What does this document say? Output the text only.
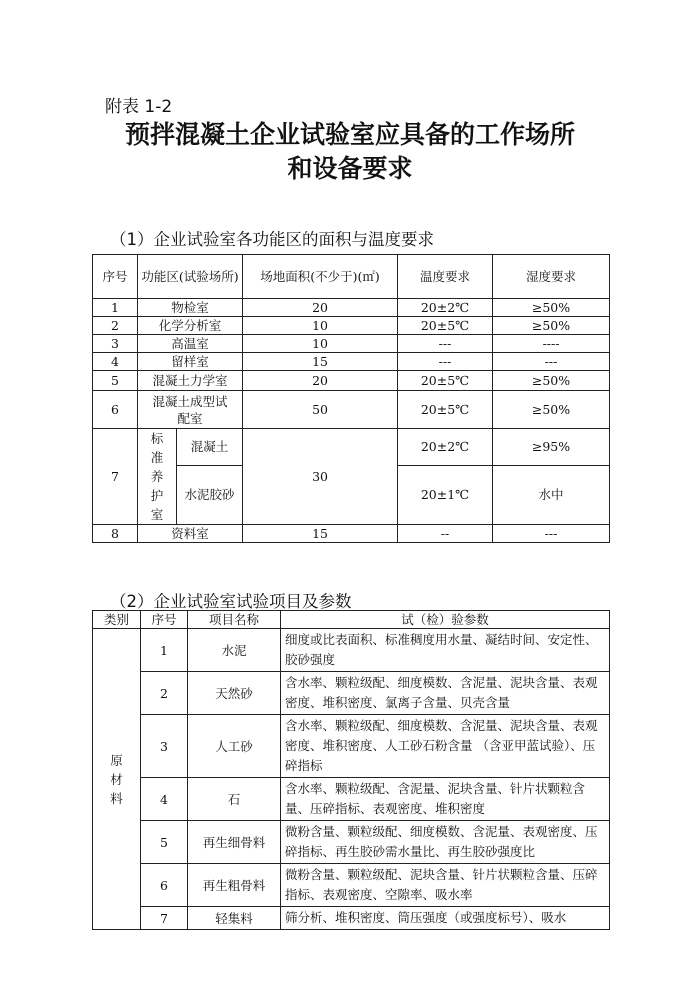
附表 1-2
预拌混凝土企业试验室应具备的工作场所
和设备要求
（1）企业试验室各功能区的面积与温度要求
序号	功能区(试验场所)		场地面积(不少于)(㎡)	温度要求	湿度要求
1	物检室		20	20±2℃	≥50%
2	化学分析室		10	20±5℃	≥50%
3	高温室		10	---	----
4	留样室		15	---	---
5	混凝土力学室		20	20±5℃	≥50%
6	混凝土成型试配室		50	20±5℃	≥50%
7	标准养护室	混凝土	30	20±2℃	≥95%
		水泥胶砂		20±1℃	水中
8	资料室		15	--	---
（2）企业试验室试验项目及参数
类别	序号	项目名称	试（检）验参数
原材料	1	水泥	细度或比表面积、标准稠度用水量、凝结时间、安定性、胶砂强度
	2	天然砂	含水率、颗粒级配、细度模数、含泥量、泥块含量、表观密度、堆积密度、氯离子含量、贝壳含量
	3	人工砂	含水率、颗粒级配、细度模数、含泥量、泥块含量、表观密度、堆积密度、人工砂石粉含量 （含亚甲蓝试验）、压碎指标
	4	石	含水率、颗粒级配、含泥量、泥块含量、针片状颗粒含量、压碎指标、表观密度、堆积密度
	5	再生细骨料	微粉含量、颗粒级配、细度模数、含泥量、表观密度、压碎指标、再生胶砂需水量比、再生胶砂强度比
	6	再生粗骨料	微粉含量、颗粒级配、泥块含量、针片状颗粒含量、压碎指标、表观密度、空隙率、吸水率
	7	轻集料	筛分析、堆积密度、筒压强度（或强度标号）、吸水
